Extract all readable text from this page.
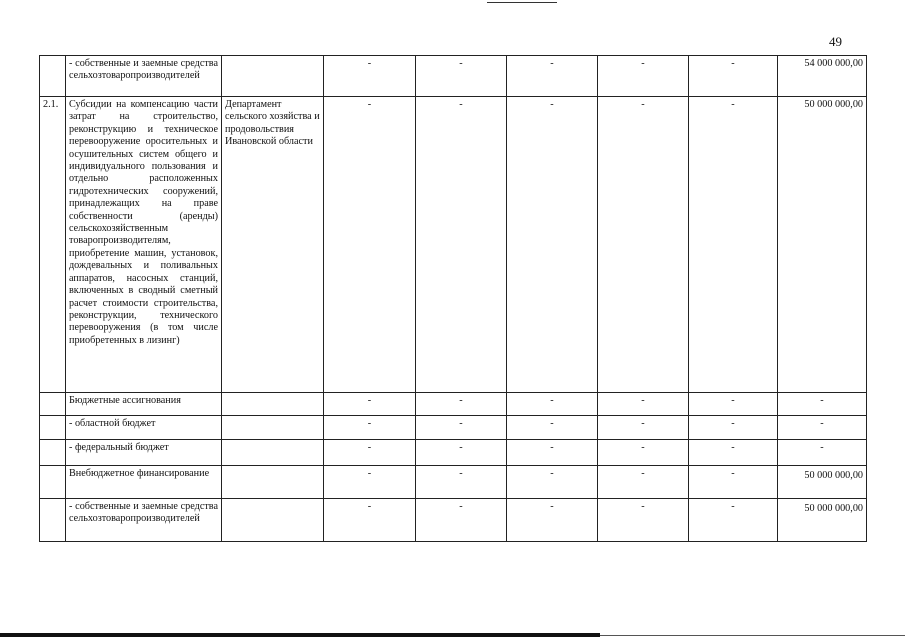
49
	- собственные и заемные средства сельхозтоваропроизводителей		-	-	-	-	-	54 000 000,00
2.1.	Субсидии на компенсацию части затрат на строительство, реконструкцию и техническое перевооружение оросительных и осушительных систем общего и индивидуального пользования и отдельно расположенных гидротехнических сооружений, принадлежащих на праве собственности (аренды) сельскохозяйственным товаропроизводителям, приобретение машин, установок, дождевальных и поливальных аппаратов, насосных станций, включенных в сводный сметный расчет стоимости строительства, реконструкции, технического перевооружения (в том числе приобретенных в лизинг)	Департамент сельского хозяйства и продовольствия Ивановской области	-	-	-	-	-	50 000 000,00
	Бюджетные ассигнования		-	-	-	-	-	-
	- областной бюджет		-	-	-	-	-	-
	- федеральный бюджет		-	-	-	-	-	-
	Внебюджетное финансирование		-	-	-	-	-	50 000 000,00
	- собственные и заемные средства сельхозтоваропроизводителей		-	-	-	-	-	50 000 000,00
